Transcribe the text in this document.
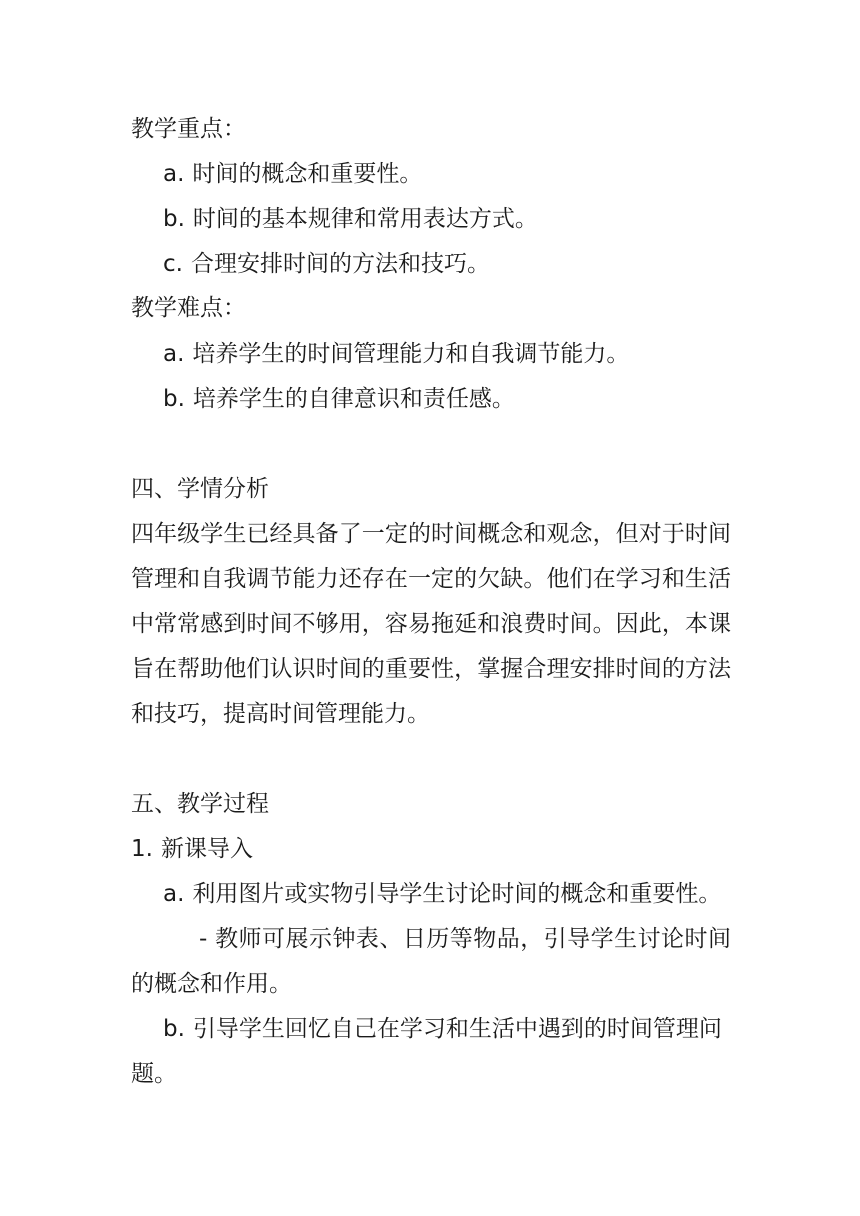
教学重点：
a. 时间的概念和重要性。
b. 时间的基本规律和常用表达方式。
c. 合理安排时间的方法和技巧。
教学难点：
a. 培养学生的时间管理能力和自我调节能力。
b. 培养学生的自律意识和责任感。
四、学情分析
四年级学生已经具备了一定的时间概念和观念，但对于时间
管理和自我调节能力还存在一定的欠缺。他们在学习和生活
中常常感到时间不够用，容易拖延和浪费时间。因此，本课
旨在帮助他们认识时间的重要性，掌握合理安排时间的方法
和技巧，提高时间管理能力。
五、教学过程
1. 新课导入
a. 利用图片或实物引导学生讨论时间的概念和重要性。
- 教师可展示钟表、日历等物品，引导学生讨论时间
的概念和作用。
b. 引导学生回忆自己在学习和生活中遇到的时间管理问
题。
